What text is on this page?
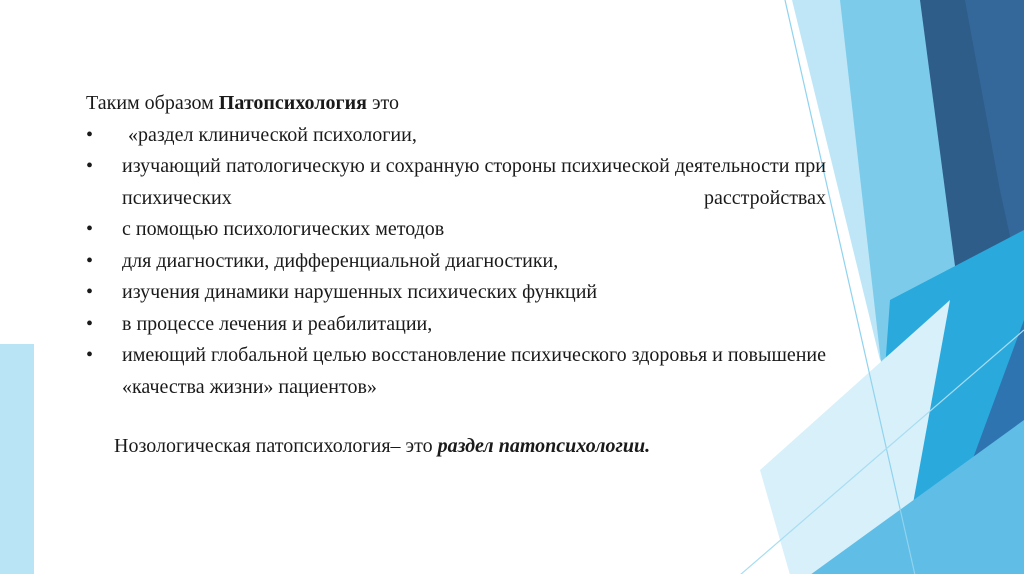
Таким образом Патопсихология это

• «раздел клинической психологии,
• изучающий патологическую и сохранную стороны психической деятельности при психических расстройствах
• с помощью психологических методов
• для диагностики, дифференциальной диагностики,
• изучения динамики нарушенных психических функций
• в процессе лечения и реабилитации,
• имеющий глобальной целью восстановление психического здоровья и повышение «качества жизни» пациентов»
Нозологическая патопсихология– это раздел патопсихологии.
